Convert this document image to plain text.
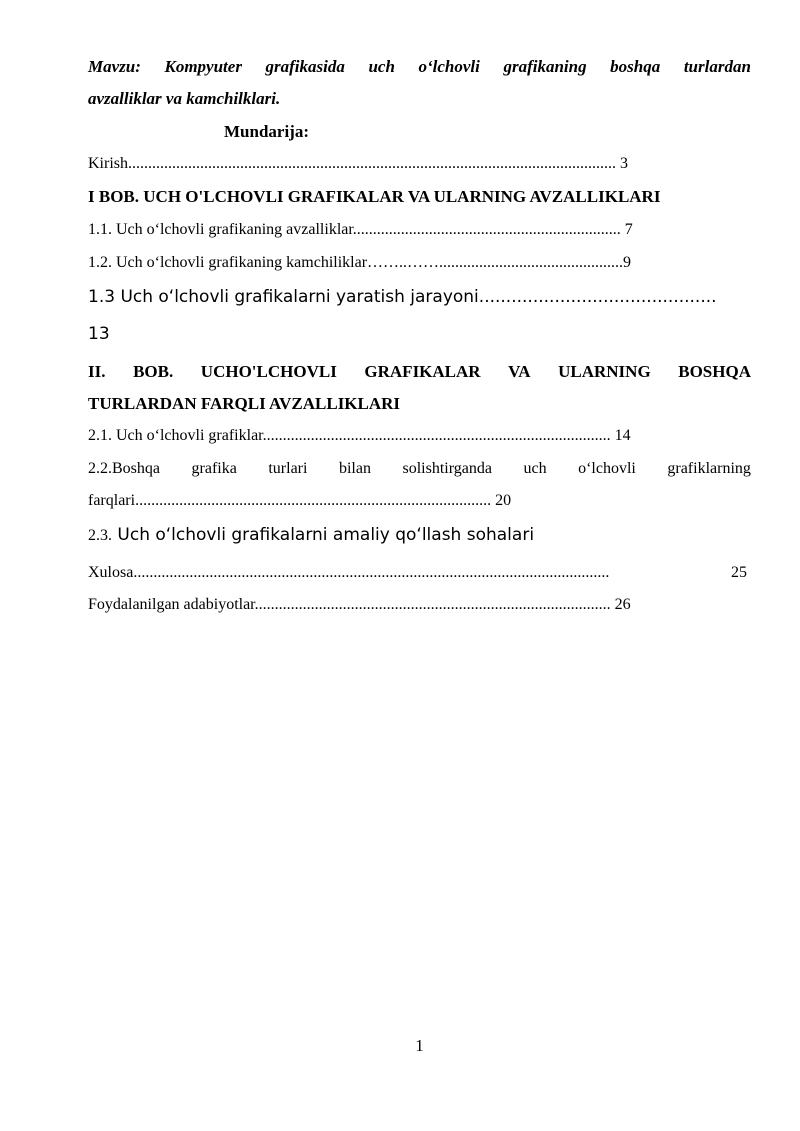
Mavzu: Kompyuter grafikasida uch oʻlchovli grafikaning boshqa turlardan
avzalliklar va kamchilklari.
Mundarija:
Kirish.......................................................................................................................... 3
I BOB. UCH O'LCHOVLI GRAFIKALAR VA ULARNING AVZALLIKLARI
1.1. Uch oʻlchovli grafikaning avzalliklar................................................................... 7
1.2. Uch oʻlchovli grafikaning kamchiliklar……..……..............................................9
1.3 Uch oʻlchovli grafikalarni yaratish jarayoni............................................
13
II. BOB. UCHO'LCHOVLI GRAFIKALAR VA ULARNING BOSHQA
TURLARDAN FARQLI AVZALLIKLARI
2.1. Uch oʻlchovli grafiklar....................................................................................... 14
2.2.Boshqa grafika turlari bilan solishtirganda uch oʻlchovli grafiklarning
farqlari......................................................................................... 20
2.3. Uch oʻlchovli grafikalarni amaliy qoʻllash sohalari
Xulosa.......................................................................................................................	25
Foydalanilgan adabiyotlar......................................................................................... 26
1
